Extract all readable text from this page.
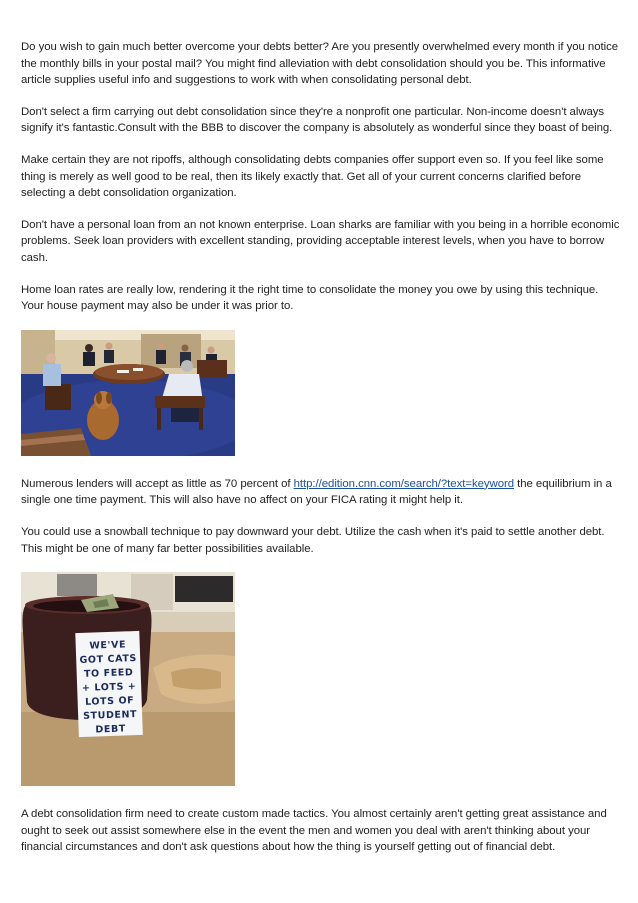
Do you wish to gain much better overcome your debts better? Are you presently overwhelmed every month if you notice the monthly bills in your postal mail? You might find alleviation with debt consolidation should you be. This informative article supplies useful info and suggestions to work with when consolidating personal debt.

Don't select a firm carrying out debt consolidation since they're a nonprofit one particular. Non-income doesn't always signify it's fantastic.Consult with the BBB to discover the company is absolutely as wonderful since they boast of being.

Make certain they are not ripoffs, although consolidating debts companies offer support even so. If you feel like some thing is merely as well good to be real, then its likely exactly that. Get all of your current concerns clarified before selecting a debt consolidation organization.

Don't have a personal loan from an not known enterprise. Loan sharks are familiar with you being in a horrible economic problems. Seek loan providers with excellent standing, providing acceptable interest levels, when you have to borrow cash.

Home loan rates are really low, rendering it the right time to consolidate the money you owe by using this technique. Your house payment may also be under it was prior to.

Numerous lenders will accept as little as 70 percent of http://edition.cnn.com/search/?text=keyword the equilibrium in a single one time payment. This will also have no affect on your FICA rating it might help it.

You could use a snowball technique to pay downward your debt. Utilize the cash when it's paid to settle another debt. This might be one of many far better possibilities available.

WE'VE
GOT CATS
TO FEED
+ LOTS +
LOTS OF
STUDENT
DEBT

A debt consolidation firm need to create custom made tactics. You almost certainly aren't getting great assistance and ought to seek out assist somewhere else in the event the men and women you deal with aren't thinking about your financial circumstances and don't ask questions about how the thing is yourself getting out of financial debt.
